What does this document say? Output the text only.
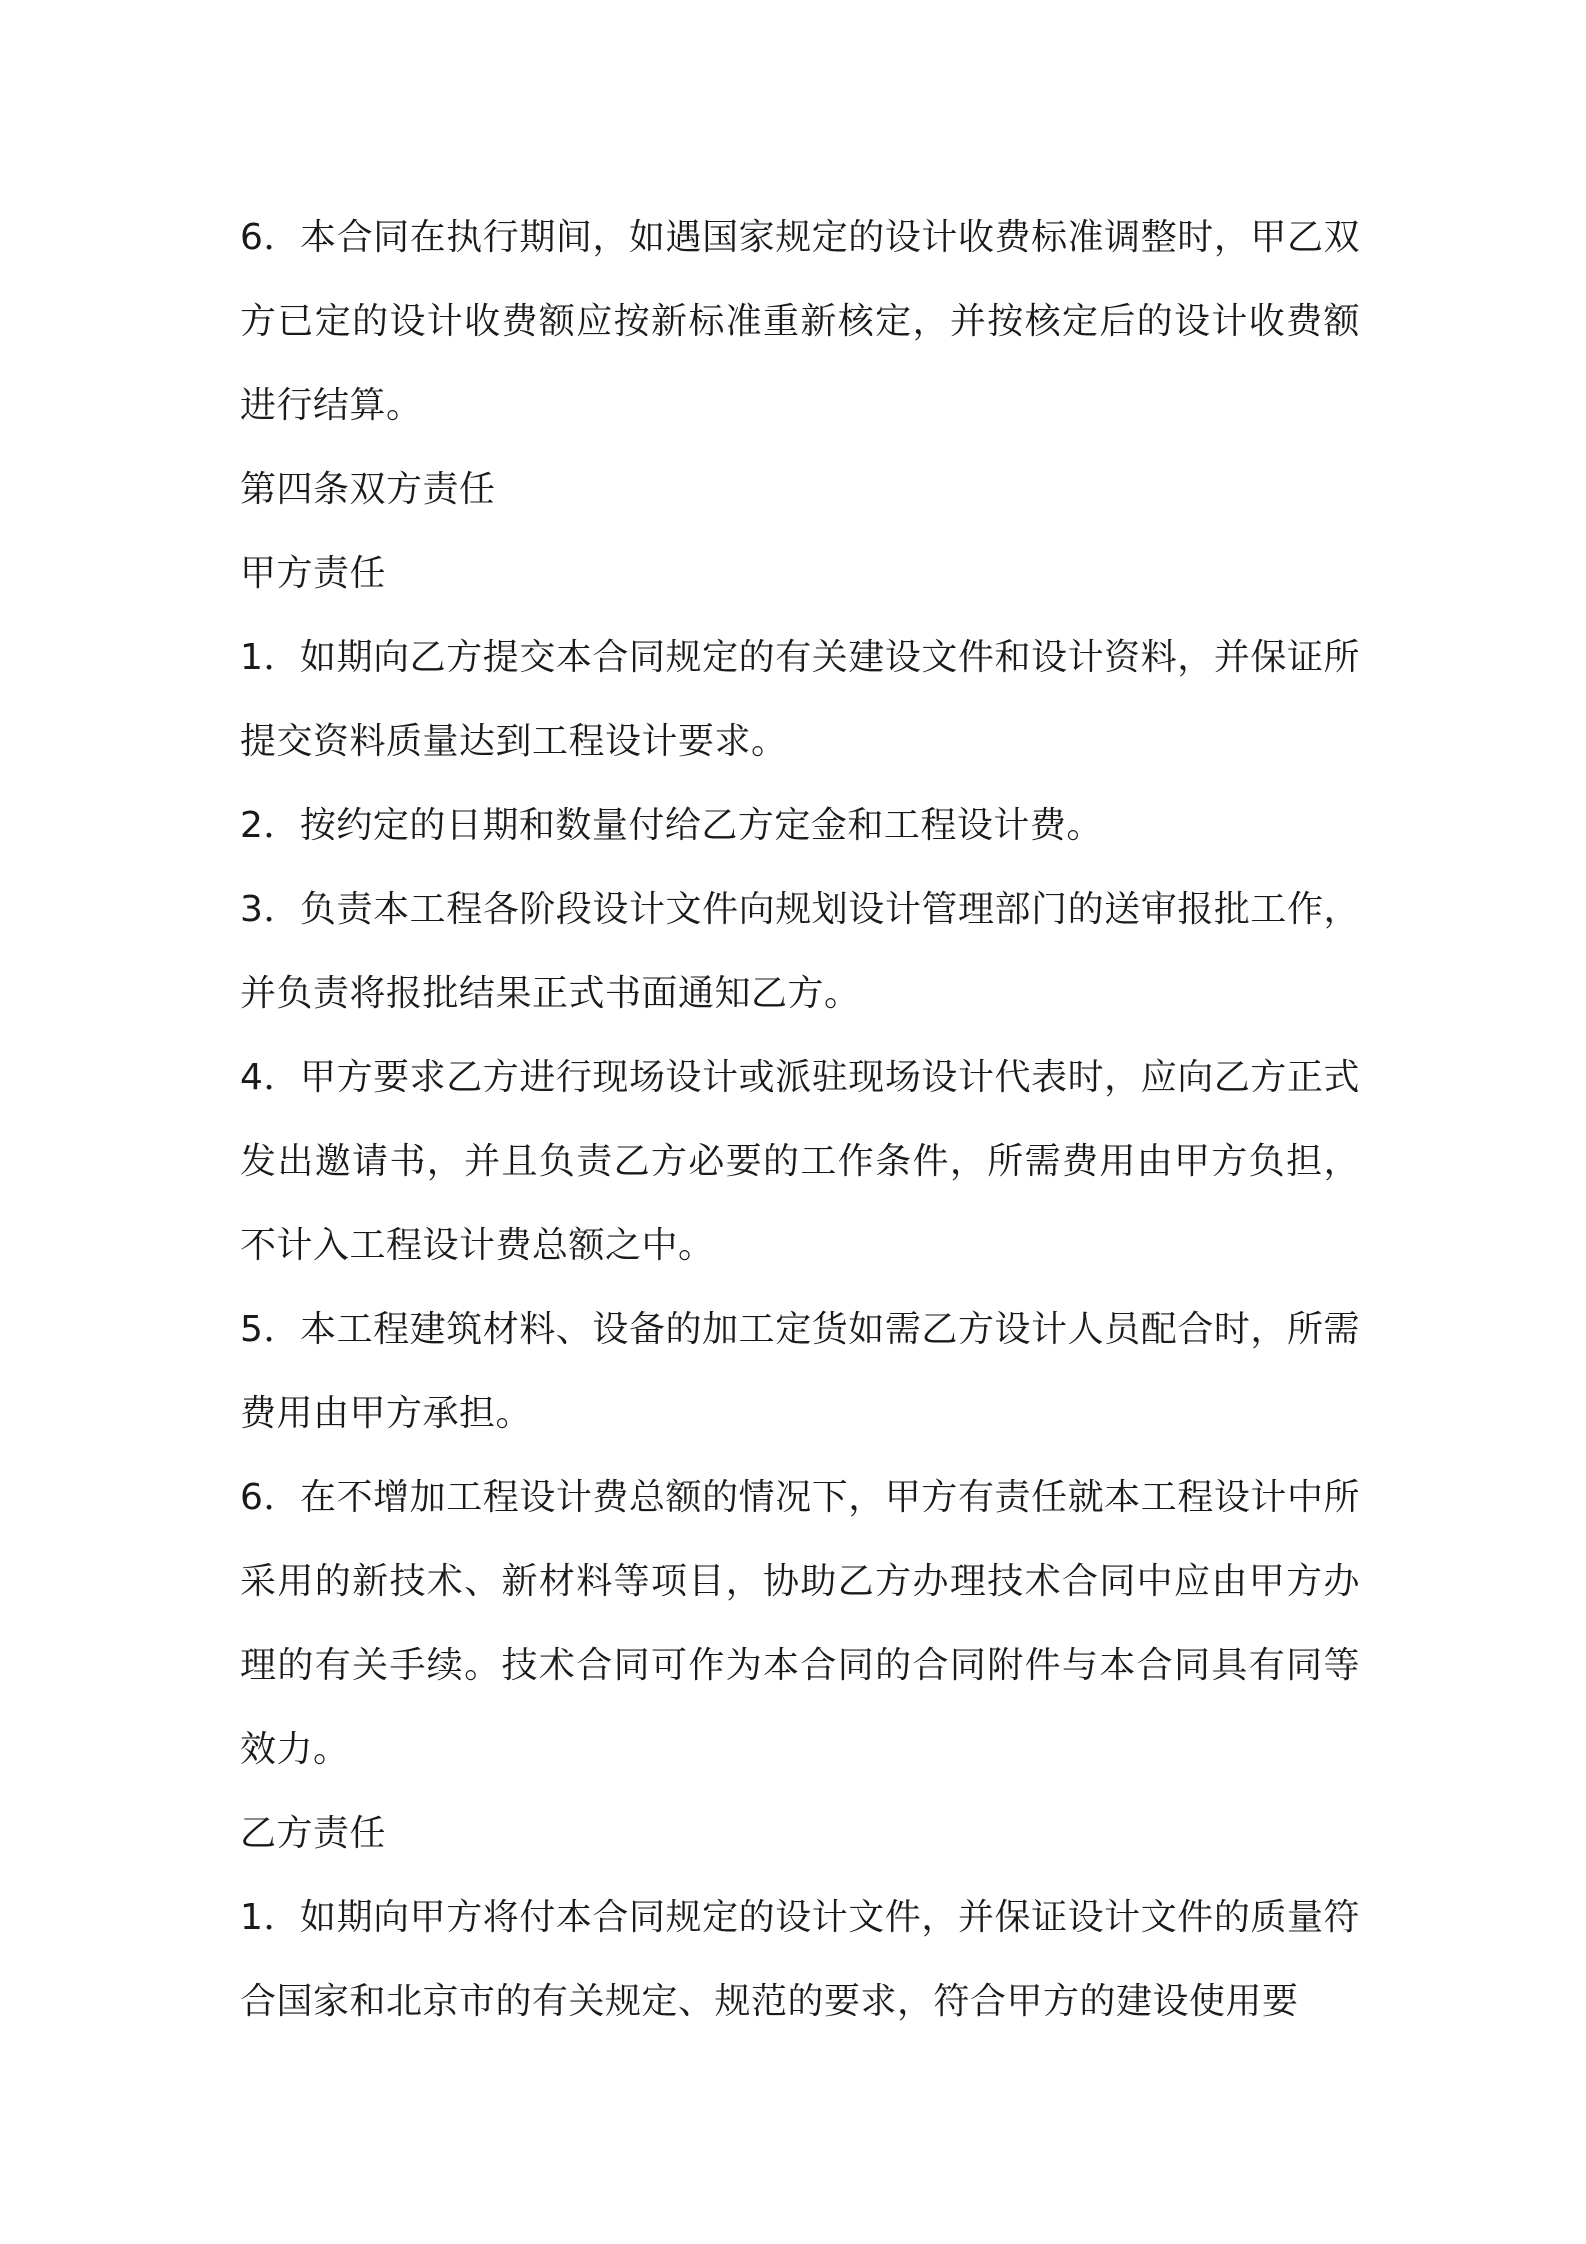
6．本合同在执行期间，如遇国家规定的设计收费标准调整时，甲乙双方已定的设计收费额应按新标准重新核定，并按核定后的设计收费额进行结算。

第四条双方责任

甲方责任

1．如期向乙方提交本合同规定的有关建设文件和设计资料，并保证所提交资料质量达到工程设计要求。

2．按约定的日期和数量付给乙方定金和工程设计费。

3．负责本工程各阶段设计文件向规划设计管理部门的送审报批工作，并负责将报批结果正式书面通知乙方。

4．甲方要求乙方进行现场设计或派驻现场设计代表时，应向乙方正式发出邀请书，并且负责乙方必要的工作条件，所需费用由甲方负担，不计入工程设计费总额之中。

5．本工程建筑材料、设备的加工定货如需乙方设计人员配合时，所需费用由甲方承担。

6．在不增加工程设计费总额的情况下，甲方有责任就本工程设计中所采用的新技术、新材料等项目，协助乙方办理技术合同中应由甲方办理的有关手续。技术合同可作为本合同的合同附件与本合同具有同等效力。

乙方责任

1．如期向甲方将付本合同规定的设计文件，并保证设计文件的质量符合国家和北京市的有关规定、规范的要求，符合甲方的建设使用要
